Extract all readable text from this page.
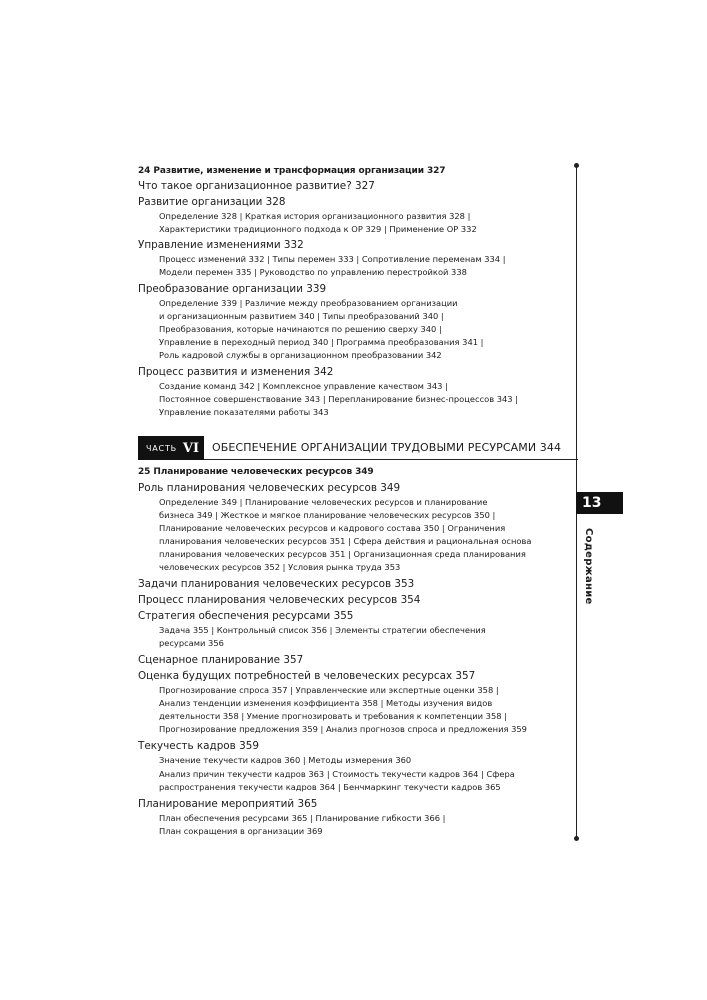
24 Развитие, изменение и трансформация организации 327
Что такое организационное развитие? 327
Развитие организации 328
Определение 328 | Краткая история организационного развития 328 |
Характеристики традиционного подхода к ОР 329 | Применение ОР 332
Управление изменениями 332
Процесс изменений 332 | Типы перемен 333 | Сопротивление переменам 334 |
Модели перемен 335 | Руководство по управлению перестройкой 338
Преобразование организации 339
Определение 339 | Различие между преобразованием организации
и организационным развитием 340 | Типы преобразований 340 |
Преобразования, которые начинаются по решению сверху 340 |
Управление в переходный период 340 | Программа преобразования 341 |
Роль кадровой службы в организационном преобразовании 342
Процесс развития и изменения 342
Создание команд 342 | Комплексное управление качеством 343 |
Постоянное совершенствование 343 | Перепланирование бизнес-процессов 343 |
Управление показателями работы 343
ЧАСТЬ VI ОБЕСПЕЧЕНИЕ ОРГАНИЗАЦИИ ТРУДОВЫМИ РЕСУРСАМИ 344
25 Планирование человеческих ресурсов 349
Роль планирования человеческих ресурсов 349
Определение 349 | Планирование человеческих ресурсов и планирование
бизнеса 349 | Жесткое и мягкое планирование человеческих ресурсов 350 |
Планирование человеческих ресурсов и кадрового состава 350 | Ограничения
планирования человеческих ресурсов 351 | Сфера действия и рациональная основа
планирования человеческих ресурсов 351 | Организационная среда планирования
человеческих ресурсов 352 | Условия рынка труда 353
Задачи планирования человеческих ресурсов 353
Процесс планирования человеческих ресурсов 354
Стратегия обеспечения ресурсами 355
Задача 355 | Контрольный список 356 | Элементы стратегии обеспечения
ресурсами 356
Сценарное планирование 357
Оценка будущих потребностей в человеческих ресурсах 357
Прогнозирование спроса 357 | Управленческие или экспертные оценки 358 |
Анализ тенденции изменения коэффициента 358 | Методы изучения видов
деятельности 358 | Умение прогнозировать и требования к компетенции 358 |
Прогнозирование предложения 359 | Анализ прогнозов спроса и предложения 359
Текучесть кадров 359
Значение текучести кадров 360 | Методы измерения 360
Анализ причин текучести кадров 363 | Стоимость текучести кадров 364 | Сфера
распространения текучести кадров 364 | Бенчмаркинг текучести кадров 365
Планирование мероприятий 365
План обеспечения ресурсами 365 | Планирование гибкости 366 |
План сокращения в организации 369
13
Содержание
